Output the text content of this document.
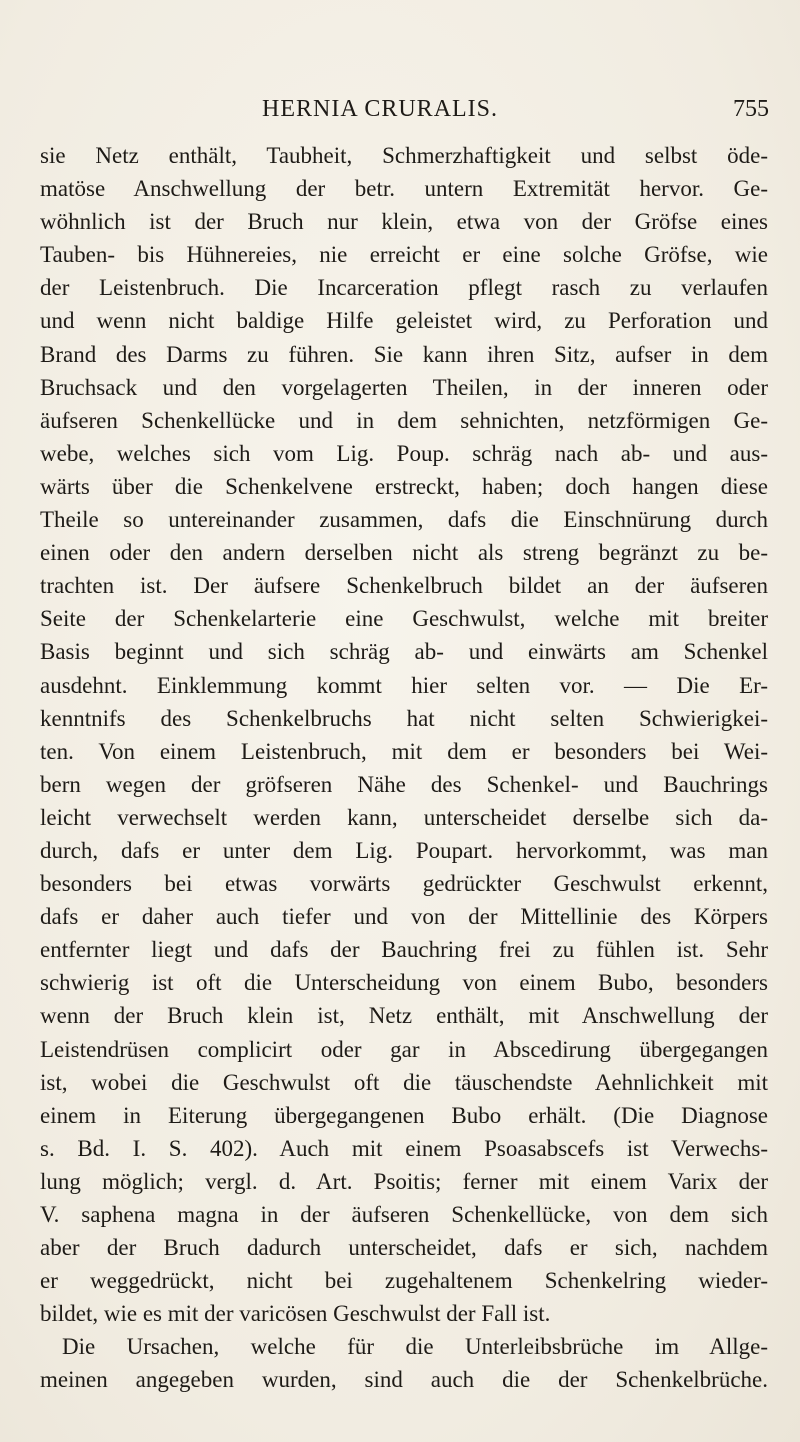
HERNIA CRURALIS.	755
sie Netz enthält, Taubheit, Schmerzhaftigkeit und selbst öde-
matöse Anschwellung der betr. untern Extremität hervor. Ge-
wöhnlich ist der Bruch nur klein, etwa von der Gröfse eines
Tauben- bis Hühnereies, nie erreicht er eine solche Gröfse, wie
der Leistenbruch. Die Incarceration pflegt rasch zu verlaufen
und wenn nicht baldige Hilfe geleistet wird, zu Perforation und
Brand des Darms zu führen. Sie kann ihren Sitz, aufser in dem
Bruchsack und den vorgelagerten Theilen, in der inneren oder
äufseren Schenkellücke und in dem sehnichten, netzförmigen Ge-
webe, welches sich vom Lig. Poup. schräg nach ab- und aus-
wärts über die Schenkelvene erstreckt, haben; doch hangen diese
Theile so untereinander zusammen, dafs die Einschnürung durch
einen oder den andern derselben nicht als streng begränzt zu be-
trachten ist. Der äufsere Schenkelbruch bildet an der äufseren
Seite der Schenkelarterie eine Geschwulst, welche mit breiter
Basis beginnt und sich schräg ab- und einwärts am Schenkel
ausdehnt. Einklemmung kommt hier selten vor. — Die Er-
kenntnifs des Schenkelbruchs hat nicht selten Schwierigkei-
ten. Von einem Leistenbruch, mit dem er besonders bei Wei-
bern wegen der gröfseren Nähe des Schenkel- und Bauchrings
leicht verwechselt werden kann, unterscheidet derselbe sich da-
durch, dafs er unter dem Lig. Poupart. hervorkommt, was man
besonders bei etwas vorwärts gedrückter Geschwulst erkennt,
dafs er daher auch tiefer und von der Mittellinie des Körpers
entfernter liegt und dafs der Bauchring frei zu fühlen ist. Sehr
schwierig ist oft die Unterscheidung von einem Bubo, besonders
wenn der Bruch klein ist, Netz enthält, mit Anschwellung der
Leistendrüsen complicirt oder gar in Abscedirung übergegangen
ist, wobei die Geschwulst oft die täuschendste Aehnlichkeit mit
einem in Eiterung übergegangenen Bubo erhält. (Die Diagnose
s. Bd. I. S. 402). Auch mit einem Psoasabscefs ist Verwechs-
lung möglich; vergl. d. Art. Psoitis; ferner mit einem Varix der
V. saphena magna in der äufseren Schenkellücke, von dem sich
aber der Bruch dadurch unterscheidet, dafs er sich, nachdem
er weggedrückt, nicht bei zugehaltenem Schenkelring wieder-
bildet, wie es mit der varicösen Geschwulst der Fall ist.
Die Ursachen, welche für die Unterleibsbrüche im Allge-
meinen angegeben wurden, sind auch die der Schenkelbrüche.
